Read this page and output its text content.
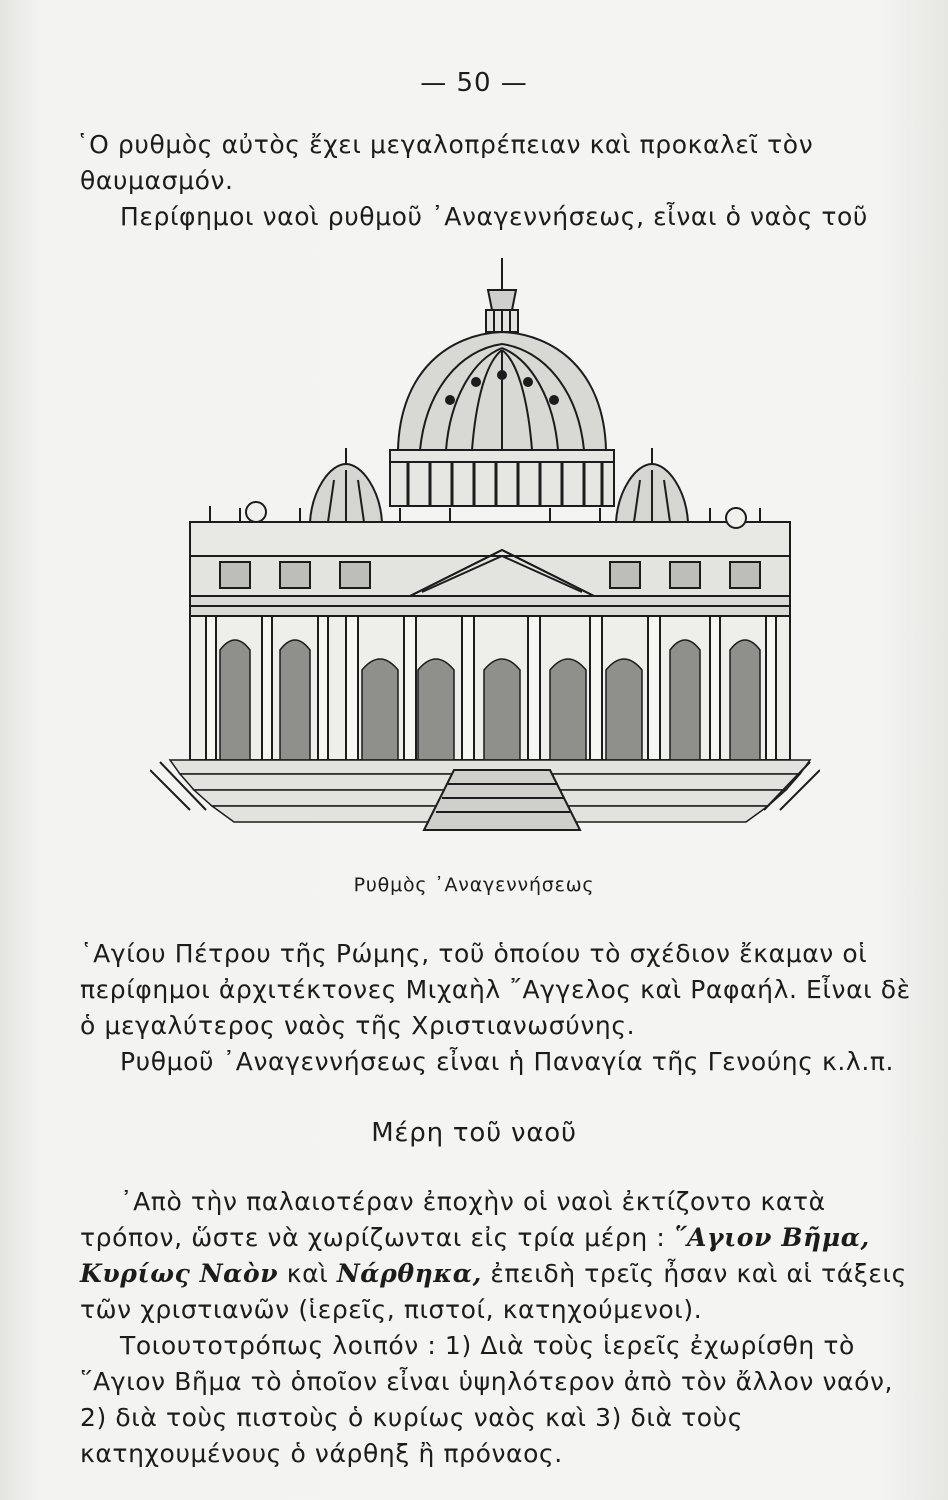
— 50 —

῾Ο ρυθμὸς αὐτὸς ἔχει μεγαλοπρέπειαν καὶ προκαλεῖ τὸν θαυμασμόν.

Περίφημοι ναοὶ ρυθμοῦ ᾿Αναγεννήσεως, εἶναι ὁ ναὸς τοῦ

Ρυθμὸς ᾿Αναγεννήσεως

῾Αγίου Πέτρου τῆς Ρώμης, τοῦ ὁποίου τὸ σχέδιον ἔκαμαν οἱ περίφημοι ἀρχιτέκτονες Μιχαὴλ ῎Αγγελος καὶ Ραφαήλ. Εἶναι δὲ ὁ μεγαλύτερος ναὸς τῆς Χριστιανωσύνης.

Ρυθμοῦ ᾿Αναγεννήσεως εἶναι ἡ Παναγία τῆς Γενούης κ.λ.π.

Μέρη τοῦ ναοῦ

᾿Απὸ τὴν παλαιοτέραν ἐποχὴν οἱ ναοὶ ἐκτίζοντο κατὰ τρόπον, ὥστε νὰ χωρίζωνται εἰς τρία μέρη : ῞Αγιον Βῆμα, Κυρίως Ναὸν καὶ Νάρθηκα, ἐπειδὴ τρεῖς ἦσαν καὶ αἱ τάξεις τῶν χριστιανῶν (ἱερεῖς, πιστοί, κατηχούμενοι).

Τοιουτοτρόπως λοιπόν : 1) Διὰ τοὺς ἱερεῖς ἐχωρίσθη τὸ ῞Αγιον Βῆμα τὸ ὁποῖον εἶναι ὑψηλότερον ἀπὸ τὸν ἄλλον ναόν, 2) διὰ τοὺς πιστοὺς ὁ κυρίως ναὸς καὶ 3) διὰ τοὺς κατηχουμένους ὁ νάρθηξ ἢ πρόναος.
